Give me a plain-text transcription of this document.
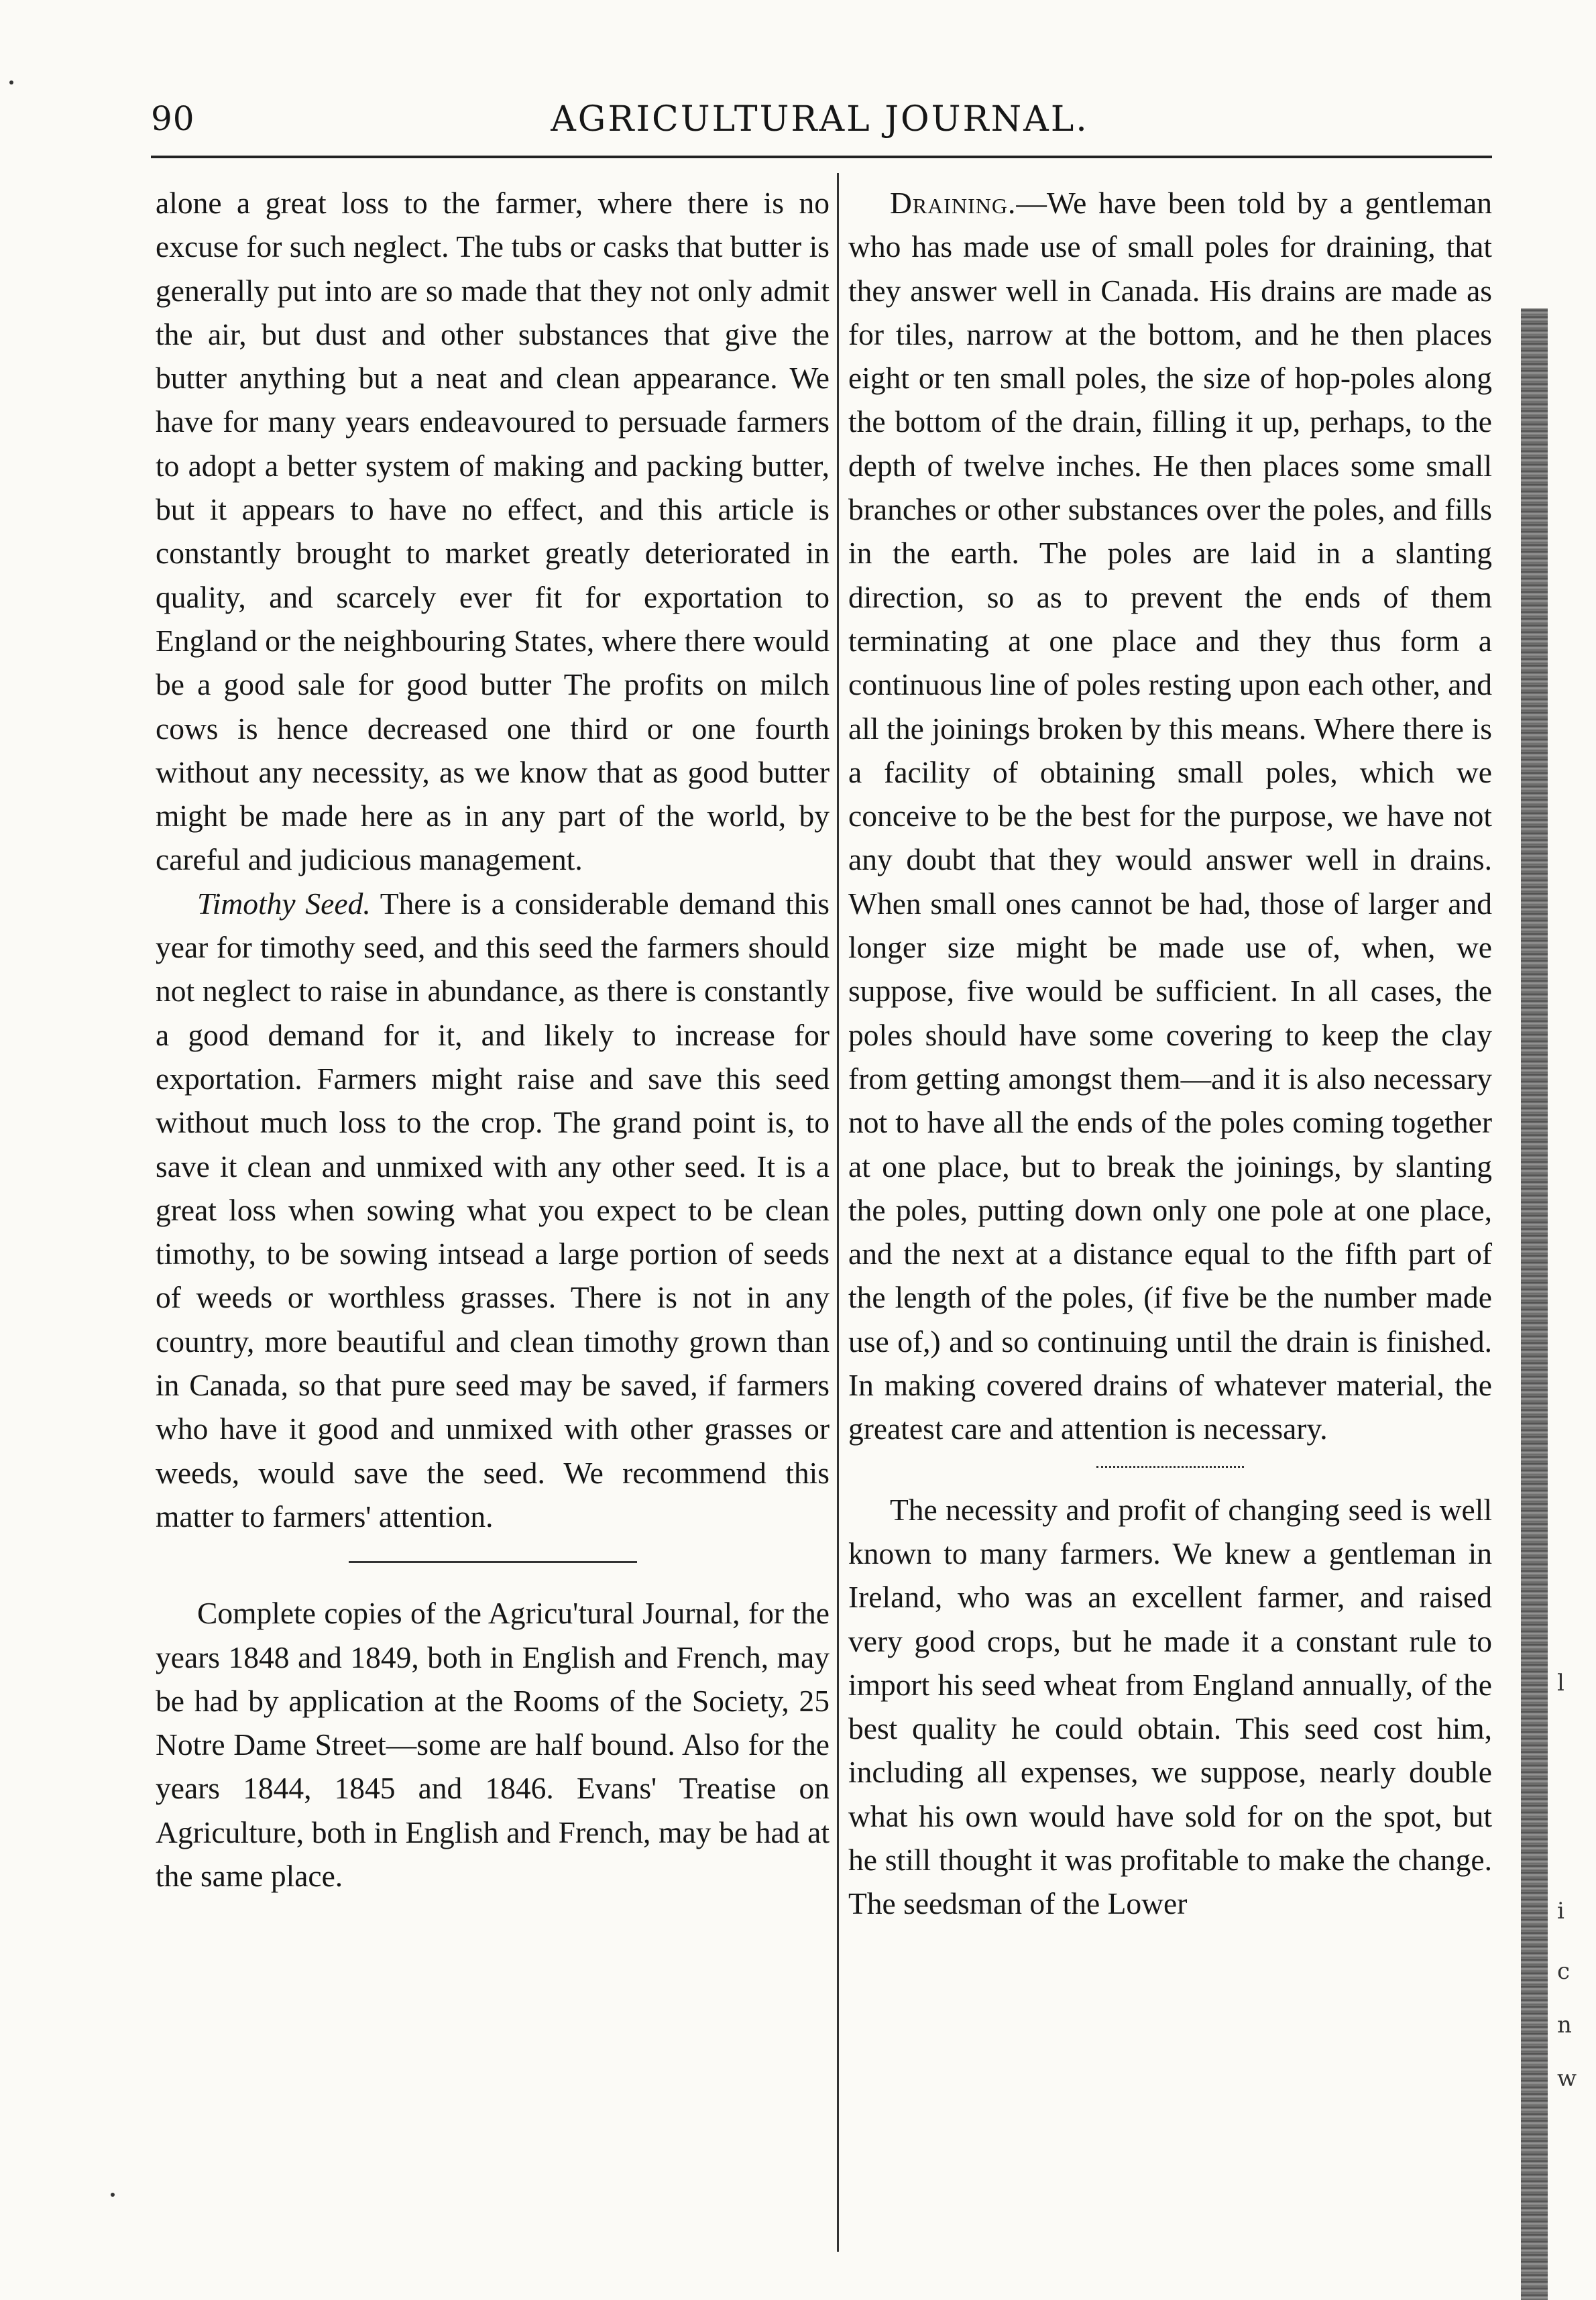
90	AGRICULTURAL JOURNAL.

alone a great loss to the farmer, where there is no excuse for such neglect. The tubs or casks that butter is generally put into are so made that they not only admit the air, but dust and other substances that give the butter anything but a neat and clean appearance. We have for many years endeavoured to persuade farmers to adopt a better system of making and packing butter, but it appears to have no effect, and this article is constantly brought to market greatly deteriorated in quality, and scarcely ever fit for exportation to England or the neighbouring States, where there would be a good sale for good butter The profits on milch cows is hence decreased one third or one fourth without any necessity, as we know that as good butter might be made here as in any part of the world, by careful and judicious management.

Timothy Seed. There is a considerable demand this year for timothy seed, and this seed the farmers should not neglect to raise in abundance, as there is constantly a good demand for it, and likely to increase for exportation. Farmers might raise and save this seed without much loss to the crop. The grand point is, to save it clean and unmixed with any other seed. It is a great loss when sowing what you expect to be clean timothy, to be sowing intsead a large portion of seeds of weeds or worthless grasses. There is not in any country, more beautiful and clean timothy grown than in Canada, so that pure seed may be saved, if farmers who have it good and unmixed with other grasses or weeds, would save the seed. We recommend this matter to farmers' attention.

Complete copies of the Agricu'tural Journal, for the years 1848 and 1849, both in English and French, may be had by application at the Rooms of the Society, 25 Notre Dame Street—some are half bound. Also for the years 1844, 1845 and 1846. Evans' Treatise on Agriculture, both in English and French, may be had at the same place.

Draining.—We have been told by a gentleman who has made use of small poles for draining, that they answer well in Canada. His drains are made as for tiles, narrow at the bottom, and he then places eight or ten small poles, the size of hop-poles along the bottom of the drain, filling it up, perhaps, to the depth of twelve inches. He then places some small branches or other substances over the poles, and fills in the earth. The poles are laid in a slanting direction, so as to prevent the ends of them terminating at one place and they thus form a continuous line of poles resting upon each other, and all the joinings broken by this means. Where there is a facility of obtaining small poles, which we conceive to be the best for the purpose, we have not any doubt that they would answer well in drains. When small ones cannot be had, those of larger and longer size might be made use of, when, we suppose, five would be sufficient. In all cases, the poles should have some covering to keep the clay from getting amongst them—and it is also necessary not to have all the ends of the poles coming together at one place, but to break the joinings, by slanting the poles, putting down only one pole at one place, and the next at a distance equal to the fifth part of the length of the poles, (if five be the number made use of,) and so continuing until the drain is finished. In making covered drains of whatever material, the greatest care and attention is necessary.

The necessity and profit of changing seed is well known to many farmers. We knew a gentleman in Ireland, who was an excellent farmer, and raised very good crops, but he made it a constant rule to import his seed wheat from England annually, of the best quality he could obtain. This seed cost him, including all expenses, we suppose, nearly double what his own would have sold for on the spot, but he still thought it was profitable to make the change. The seedsman of the Lower

l
i
c
n
w
